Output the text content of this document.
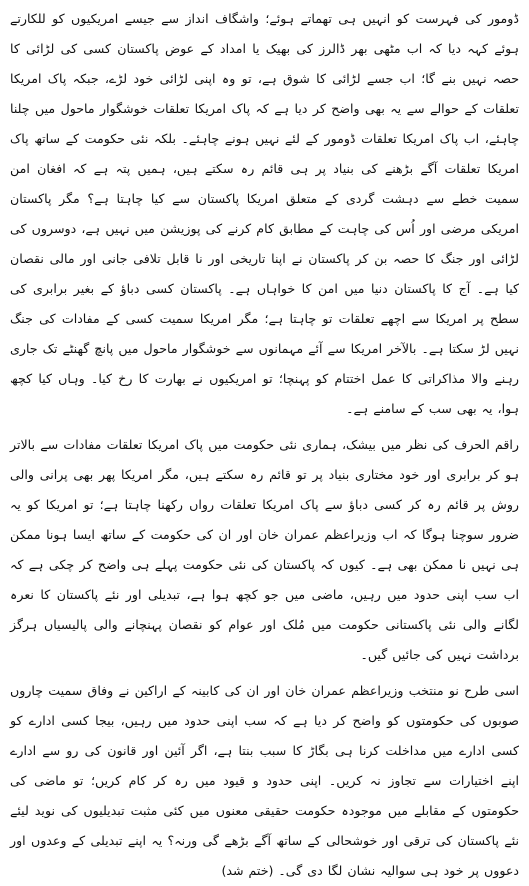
ڈومور کی فہرست کو انہیں ہی تھماتے ہوئے؛ واشگاف انداز سے جیسے امریکیوں کو للکارتے ہوئے کہہ دیا کہ اب مٹھی بھر ڈالرز کی بھیک یا امداد کے عوض پاکستان کسی کی لڑائی کا حصہ نہیں بنے گا؛ اب جسے لڑائی کا شوق ہے، تو وہ اپنی لڑائی خود لڑے، جبکہ پاک امریکا تعلقات کے حوالے سے یہ بھی واضح کر دیا ہے کہ پاک امریکا تعلقات خوشگوار ماحول میں چلنا چاہئے، اب پاک امریکا تعلقات ڈومور کے لئے نہیں ہونے چاہئے۔ بلکہ نئی حکومت کے ساتھ پاک امریکا تعلقات آگے بڑھنے کی بنیاد پر ہی قائم رہ سکتے ہیں، ہمیں پتہ ہے کہ افغان امن سمیت خطے سے دہشت گردی کے متعلق امریکا پاکستان سے کیا چاہتا ہے؟ مگر پاکستان امریکی مرضی اور اُس کی چاہت کے مطابق کام کرنے کی پوزیشن میں نہیں ہے، دوسروں کی لڑائی اور جنگ کا حصہ بن کر پاکستان نے اپنا تاریخی اور نا قابل تلافی جانی اور مالی نقصان کیا ہے۔ آج کا پاکستان دنیا میں امن کا خواہاں ہے۔ پاکستان کسی دباؤ کے بغیر برابری کی سطح پر امریکا سے اچھے تعلقات تو چاہتا ہے؛ مگر امریکا سمیت کسی کے مفادات کی جنگ نہیں لڑ سکتا ہے۔ بالآخر امریکا سے آئے مہمانوں سے خوشگوار ماحول میں پانچ گھنٹے تک جاری رہنے والا مذاکراتی کا عمل اختتام کو پہنچا؛ تو امریکیوں نے بھارت کا رخ کیا۔ وہاں کیا کچھ ہوا، یہ بھی سب کے سامنے ہے۔

راقم الحرف کی نظر میں بیشک، ہماری نئی حکومت میں پاک امریکا تعلقات مفادات سے بالاتر ہو کر برابری اور خود مختاری بنیاد پر تو قائم رہ سکتے ہیں، مگر امریکا پھر بھی پرانی والی روش پر قائم رہ کر کسی دباؤ سے پاک امریکا تعلقات رواں رکھنا چاہتا ہے؛ تو امریکا کو یہ ضرور سوچنا ہوگا کہ اب وزیراعظم عمران خان اور ان کی حکومت کے ساتھ ایسا ہونا ممکن ہی نہیں نا ممکن بھی ہے۔ کیوں کہ پاکستان کی نئی حکومت پہلے ہی واضح کر چکی ہے کہ اب سب اپنی حدود میں رہیں، ماضی میں جو کچھ ہوا ہے، تبدیلی اور نئے پاکستان کا نعرہ لگانے والی نئی پاکستانی حکومت میں مُلک اور عوام کو نقصان پہنچانے والی پالیسیاں ہرگز برداشت نہیں کی جائیں گیں۔

اسی طرح نو منتخب وزیراعظم عمران خان اور ان کی کابینہ کے اراکین نے وفاق سمیت چاروں صوبوں کی حکومتوں کو واضح کر دیا ہے کہ سب اپنی حدود میں رہیں، بیجا کسی ادارے کو کسی ادارے میں مداخلت کرنا ہی بگاڑ کا سبب بنتا ہے، اگر آئین اور قانون کی رو سے ادارے اپنے اختیارات سے تجاوز نہ کریں۔ اپنی حدود و قیود میں رہ کر کام کریں؛ تو ماضی کی حکومتوں کے مقابلے میں موجودہ حکومت حقیقی معنوں میں کئی مثبت تبدیلیوں کی نوید لیئے نئے پاکستان کی ترقی اور خوشحالی کے ساتھ آگے بڑھے گی ورنہ؟ یہ اپنے تبدیلی کے وعدوں اور دعووں پر خود ہی سوالیہ نشان لگا دی گی۔ (ختم شد)
